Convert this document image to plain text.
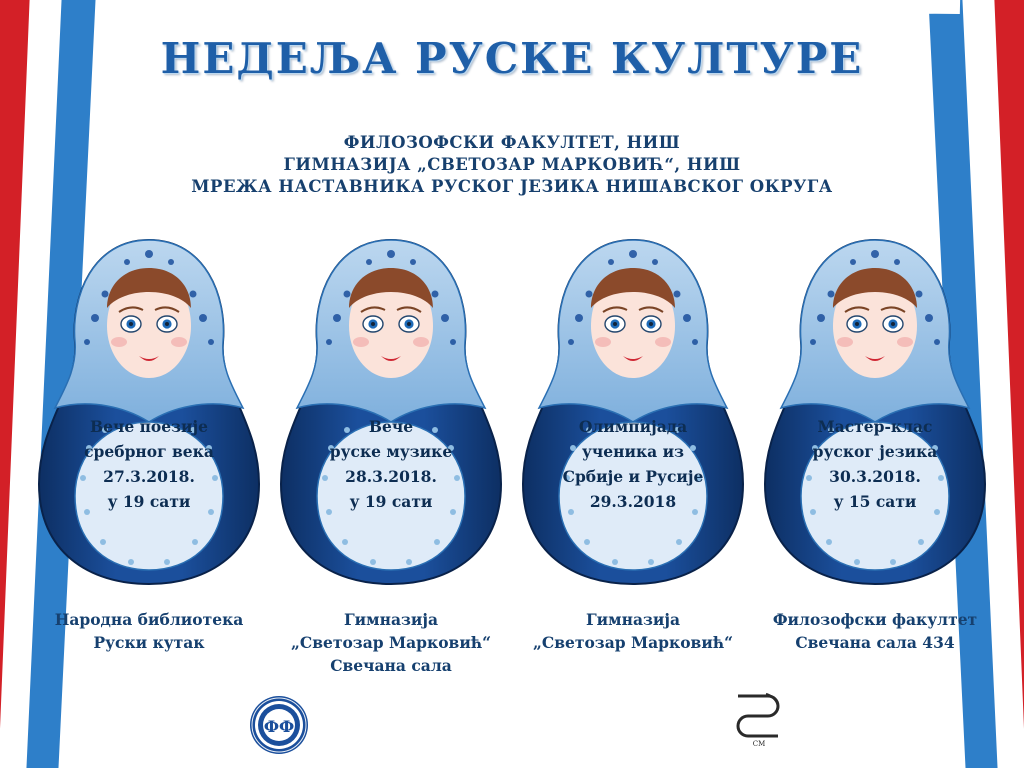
НЕДЕЉА РУСКЕ КУЛТУРЕ
ФИЛОЗОФСКИ ФАКУЛТЕТ, НИШ
ГИМНАЗИЈА „СВЕТОЗАР МАРКОВИЋ“, НИШ
МРЕЖА НАСТАВНИКА РУСКОГ ЈЕЗИКА НИШАВСКОГ ОКРУГА
Вече поезије
сребрног века
27.3.2018.
у 19 сати
Вече
руске музике
28.3.2018.
у 19 сати
Олимпијада
ученика из
Србије и Русије
29.3.2018
Мастер-клас
руског језика
30.3.2018.
у 15 сати
Народна библиотека
Руски кутак
Гимназија
„Светозар Марковић“
Свечана сала
Гимназија
„Светозар Марковић“
Филозофски факултет
Свечана сала 434
ФФ
СМ
